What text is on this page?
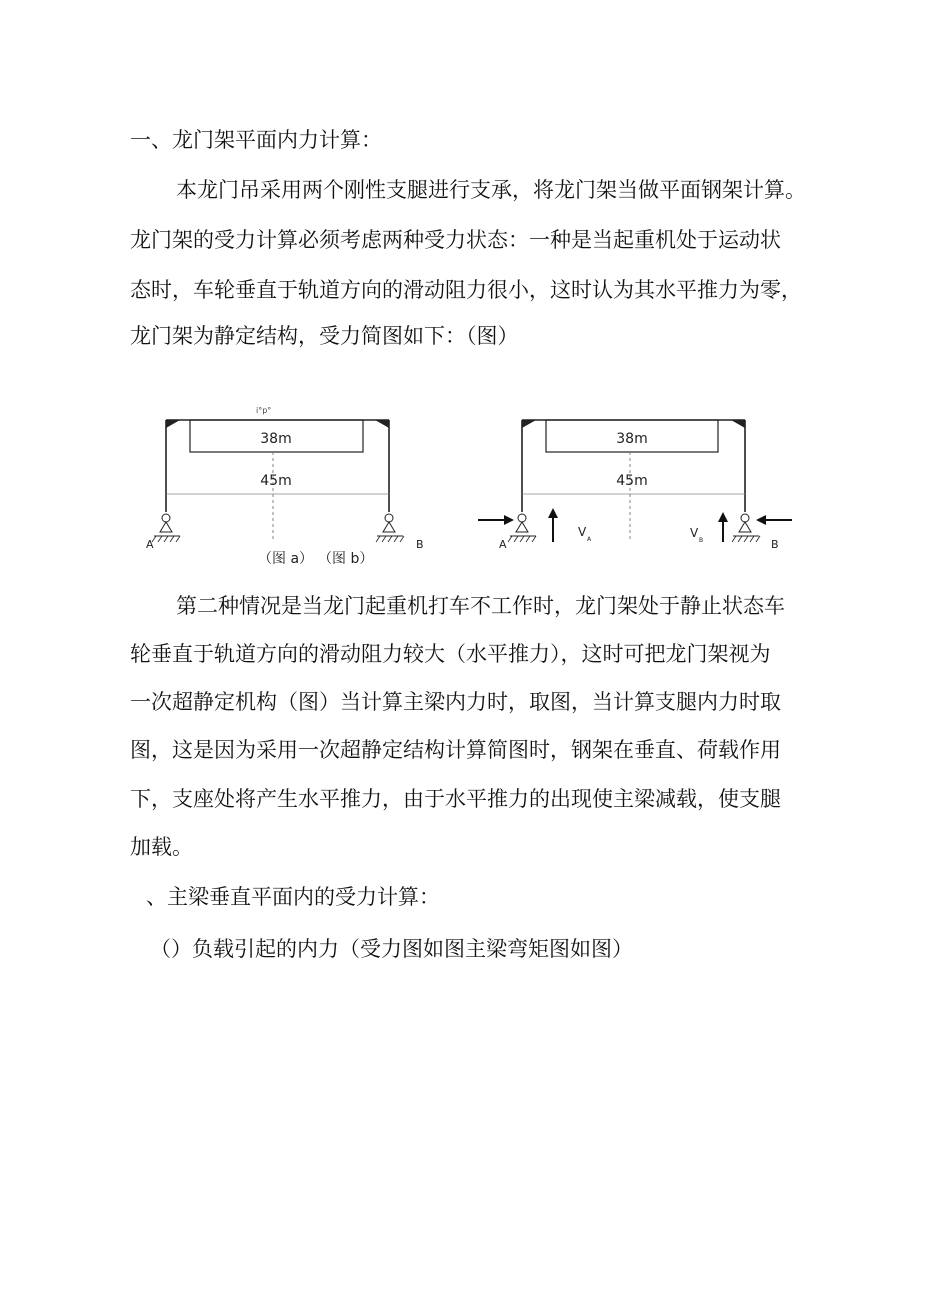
一、龙门架平面内力计算：

本龙门吊采用两个刚性支腿进行支承，将龙门架当做平面钢架计算。

龙门架的受力计算必须考虑两种受力状态：一种是当起重机处于运动状

态时，车轮垂直于轨道方向的滑动阻力很小，这时认为其水平推力为零，

龙门架为静定结构，受力简图如下：（图）

i°p°
38m
45m
A	B
（图 a） （图 b）
38m
45m
A	B
V
A	V
B

第二种情况是当龙门起重机打车不工作时，龙门架处于静止状态车

轮垂直于轨道方向的滑动阻力较大（水平推力），这时可把龙门架视为

一次超静定机构（图）当计算主梁内力时，取图，当计算支腿内力时取

图，这是因为采用一次超静定结构计算简图时，钢架在垂直、荷载作用

下，支座处将产生水平推力，由于水平推力的出现使主梁减载，使支腿

加载。

、主梁垂直平面内的受力计算：

（）负载引起的内力（受力图如图主梁弯矩图如图）
